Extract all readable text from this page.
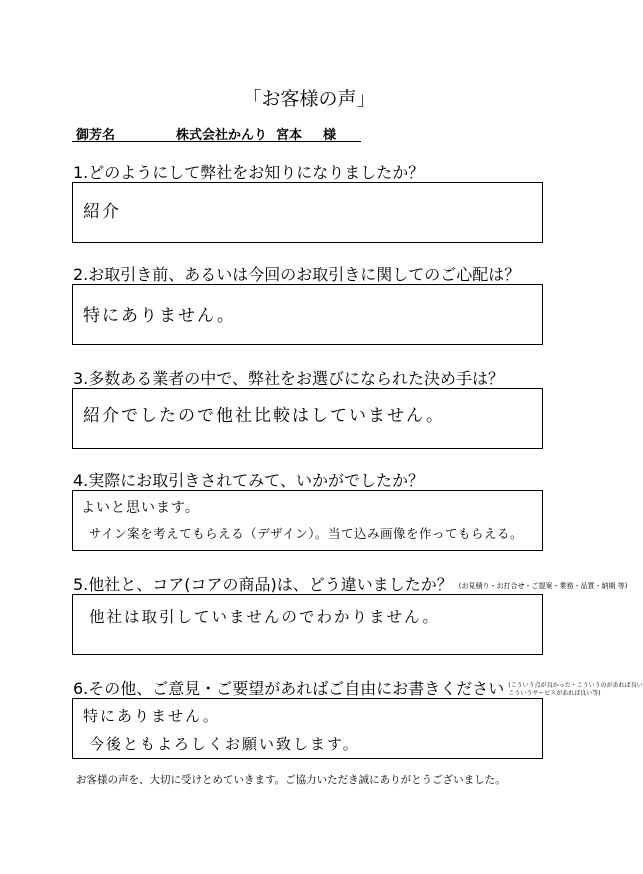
「お客様の声」
御芳名	株式会社かんり 宮本 様
1.どのようにして弊社をお知りになりましたか？
紹介
2.お取引き前、あるいは今回のお取引きに関してのご心配は？
特にありません。
3.多数ある業者の中で、弊社をお選びになられた決め手は？
紹介でしたので他社比較はしていません。
4.実際にお取引きされてみて、いかがでしたか？
よいと思います。
サイン案を考えてもらえる（デザイン）。当て込み画像を作ってもらえる。
5.他社と、コア(コアの商品)は、どう違いましたか？ (お見積り・お打合せ・ご提案・業務・品質・納期 等)
他社は取引していませんのでわかりません。
6.その他、ご意見・ご要望があればご自由にお書きください (こういう点が良かった・こういうのがあれば良い
こういうサービスがあれば良い等)
特にありません。
今後ともよろしくお願い致します。
お客様の声を、大切に受けとめていきます。ご協力いただき誠にありがとうございました。
